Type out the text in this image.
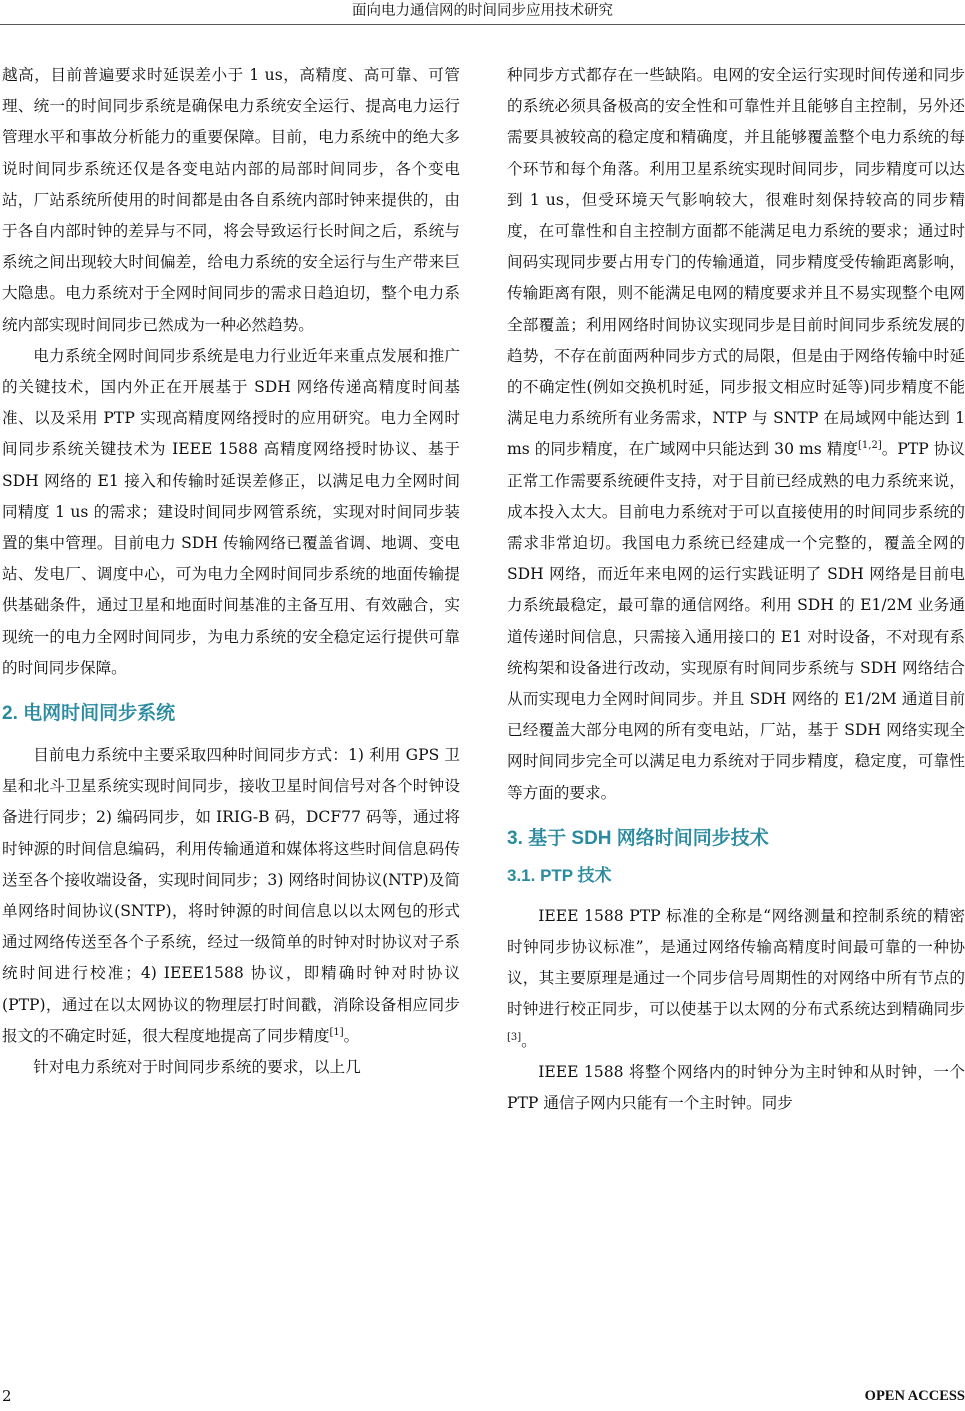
面向电力通信网的时间同步应用技术研究

越高，目前普遍要求时延误差小于 1 us，高精度、高可靠、可管理、统一的时间同步系统是确保电力系统安全运行、提高电力运行管理水平和事故分析能力的重要保障。目前，电力系统中的绝大多说时间同步系统还仅是各变电站内部的局部时间同步，各个变电站，厂站系统所使用的时间都是由各自系统内部时钟来提供的，由于各自内部时钟的差异与不同，将会导致运行长时间之后，系统与系统之间出现较大时间偏差，给电力系统的安全运行与生产带来巨大隐患。电力系统对于全网时间同步的需求日趋迫切，整个电力系统内部实现时间同步已然成为一种必然趋势。

电力系统全网时间同步系统是电力行业近年来重点发展和推广的关键技术，国内外正在开展基于 SDH 网络传递高精度时间基准、以及采用 PTP 实现高精度网络授时的应用研究。电力全网时间同步系统关键技术为 IEEE 1588 高精度网络授时协议、基于 SDH 网络的 E1 接入和传输时延误差修正，以满足电力全网时间同精度 1 us 的需求；建设时间同步网管系统，实现对时间同步装置的集中管理。目前电力 SDH 传输网络已覆盖省调、地调、变电站、发电厂、调度中心，可为电力全网时间同步系统的地面传输提供基础条件，通过卫星和地面时间基准的主备互用、有效融合，实现统一的电力全网时间同步，为电力系统的安全稳定运行提供可靠的时间同步保障。

2. 电网时间同步系统

目前电力系统中主要采取四种时间同步方式：1) 利用 GPS 卫星和北斗卫星系统实现时间同步，接收卫星时间信号对各个时钟设备进行同步；2) 编码同步，如 IRIG-B 码，DCF77 码等，通过将时钟源的时间信息编码，利用传输通道和媒体将这些时间信息码传送至各个接收端设备，实现时间同步；3) 网络时间协议(NTP)及简单网络时间协议(SNTP)，将时钟源的时间信息以以太网包的形式通过网络传送至各个子系统，经过一级简单的时钟对时协议对子系统时间进行校准；4) IEEE1588 协议，即精确时钟对时协议(PTP)，通过在以太网协议的物理层打时间戳，消除设备相应同步报文的不确定时延，很大程度地提高了同步精度[1]。

针对电力系统对于时间同步系统的要求，以上几

种同步方式都存在一些缺陷。电网的安全运行实现时间传递和同步的系统必须具备极高的安全性和可靠性并且能够自主控制，另外还需要具被较高的稳定度和精确度，并且能够覆盖整个电力系统的每个环节和每个角落。利用卫星系统实现时间同步，同步精度可以达到 1 us，但受环境天气影响较大，很难时刻保持较高的同步精度，在可靠性和自主控制方面都不能满足电力系统的要求；通过时间码实现同步要占用专门的传输通道，同步精度受传输距离影响，传输距离有限，则不能满足电网的精度要求并且不易实现整个电网全部覆盖；利用网络时间协议实现同步是目前时间同步系统发展的趋势，不存在前面两种同步方式的局限，但是由于网络传输中时延的不确定性(例如交换机时延，同步报文相应时延等)同步精度不能满足电力系统所有业务需求，NTP 与 SNTP 在局域网中能达到 1 ms 的同步精度，在广域网中只能达到 30 ms 精度[1,2]。PTP 协议正常工作需要系统硬件支持，对于目前已经成熟的电力系统来说，成本投入太大。目前电力系统对于可以直接使用的时间同步系统的需求非常迫切。我国电力系统已经建成一个完整的，覆盖全网的 SDH 网络，而近年来电网的运行实践证明了 SDH 网络是目前电力系统最稳定，最可靠的通信网络。利用 SDH 的 E1/2M 业务通道传递时间信息，只需接入通用接口的 E1 对时设备，不对现有系统构架和设备进行改动，实现原有时间同步系统与 SDH 网络结合从而实现电力全网时间同步。并且 SDH 网络的 E1/2M 通道目前已经覆盖大部分电网的所有变电站，厂站，基于 SDH 网络实现全网时间同步完全可以满足电力系统对于同步精度，稳定度，可靠性等方面的要求。

3. 基于 SDH 网络时间同步技术
3.1. PTP 技术

IEEE 1588 PTP 标准的全称是“网络测量和控制系统的精密时钟同步协议标准”，是通过网络传输高精度时间最可靠的一种协议，其主要原理是通过一个同步信号周期性的对网络中所有节点的时钟进行校正同步，可以使基于以太网的分布式系统达到精确同步[3]。

IEEE 1588 将整个网络内的时钟分为主时钟和从时钟，一个 PTP 通信子网内只能有一个主时钟。同步

2	OPEN ACCESS
